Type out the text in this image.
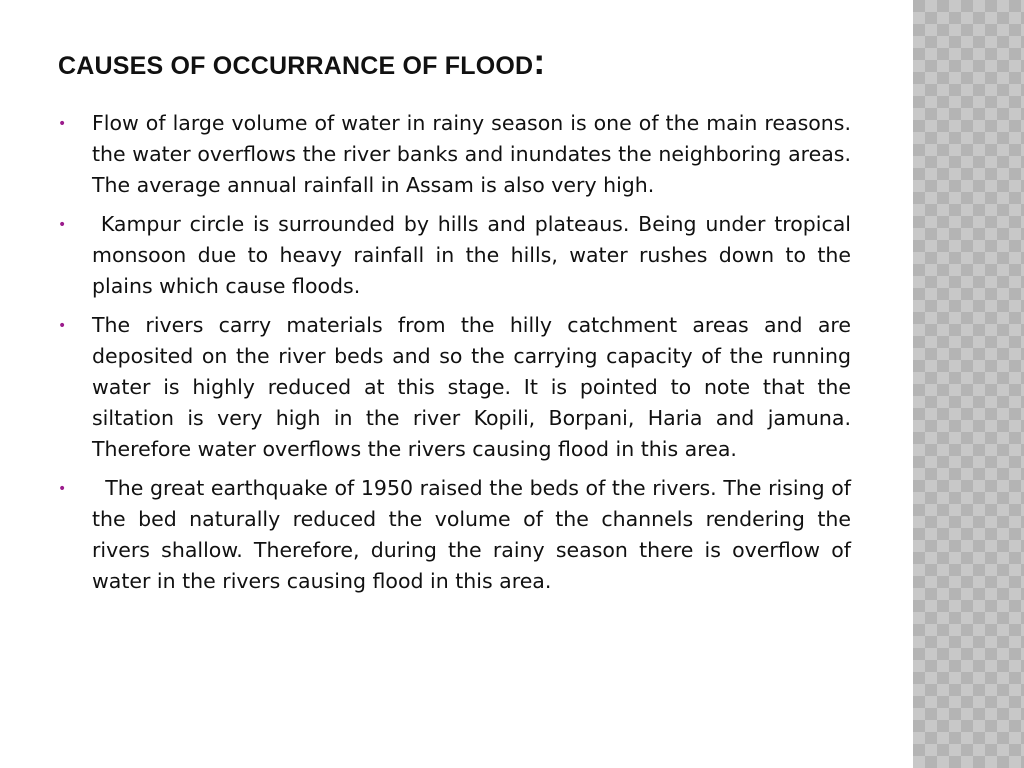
CAUSES OF OCCURRANCE OF FLOOD:
• Flow of large volume of water in rainy season is one of the main reasons. the water overflows the river banks and inundates the neighboring areas. The average annual rainfall in Assam is also very high.
• Kampur circle is surrounded by hills and plateaus. Being under tropical monsoon due to heavy rainfall in the hills, water rushes down to the plains which cause floods.
• The rivers carry materials from the hilly catchment areas and are deposited on the river beds and so the carrying capacity of the running water is highly reduced at this stage. It is pointed to note that the siltation is very high in the river Kopili, Borpani, Haria and jamuna. Therefore water overflows the rivers causing flood in this area.
• The great earthquake of 1950 raised the beds of the rivers. The rising of the bed naturally reduced the volume of the channels rendering the rivers shallow. Therefore, during the rainy season there is overflow of water in the rivers causing flood in this area.
